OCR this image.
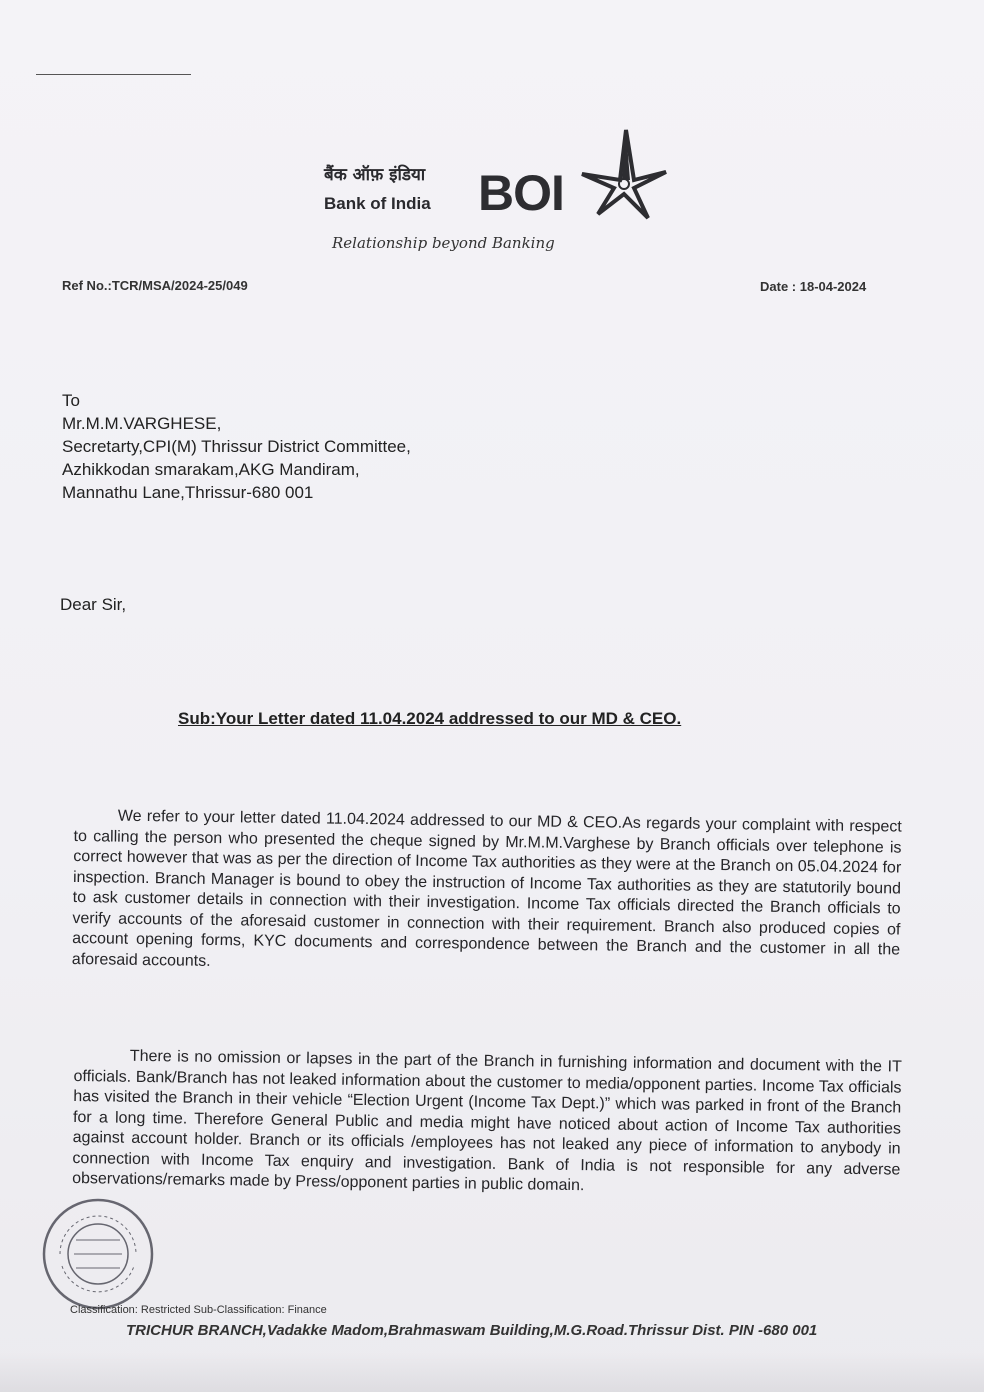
बैंक ऑफ़ इंडिया
Bank of India BOI
Relationship beyond Banking
Ref No.:TCR/MSA/2024-25/049	Date : 18-04-2024
To
Mr.M.M.VARGHESE,
Secretarty,CPI(M) Thrissur District Committee,
Azhikkodan smarakam,AKG Mandiram,
Mannathu Lane,Thrissur-680 001
Dear Sir,
Sub:Your Letter dated 11.04.2024 addressed to our MD & CEO.
We refer to your letter dated 11.04.2024 addressed to our MD & CEO.As regards your complaint with respect to calling the person who presented the cheque signed by Mr.M.M.Varghese by Branch officials over telephone is correct however that was as per the direction of Income Tax authorities as they were at the Branch on 05.04.2024 for inspection. Branch Manager is bound to obey the instruction of Income Tax authorities as they are statutorily bound to ask customer details in connection with their investigation. Income Tax officials directed the Branch officials to verify accounts of the aforesaid customer in connection with their requirement. Branch also produced copies of account opening forms, KYC documents and correspondence between the Branch and the customer in all the aforesaid accounts.
There is no omission or lapses in the part of the Branch in furnishing information and document with the IT officials. Bank/Branch has not leaked information about the customer to media/opponent parties. Income Tax officials has visited the Branch in their vehicle “Election Urgent (Income Tax Dept.)” which was parked in front of the Branch for a long time. Therefore General Public and media might have noticed about action of Income Tax authorities against account holder. Branch or its officials /employees has not leaked any piece of information to anybody in connection with Income Tax enquiry and investigation. Bank of India is not responsible for any adverse observations/remarks made by Press/opponent parties in public domain.
Classification: Restricted Sub-Classification: Finance
TRICHUR BRANCH,Vadakke Madom,Brahmaswam Building,M.G.Road.Thrissur Dist. PIN -680 001
